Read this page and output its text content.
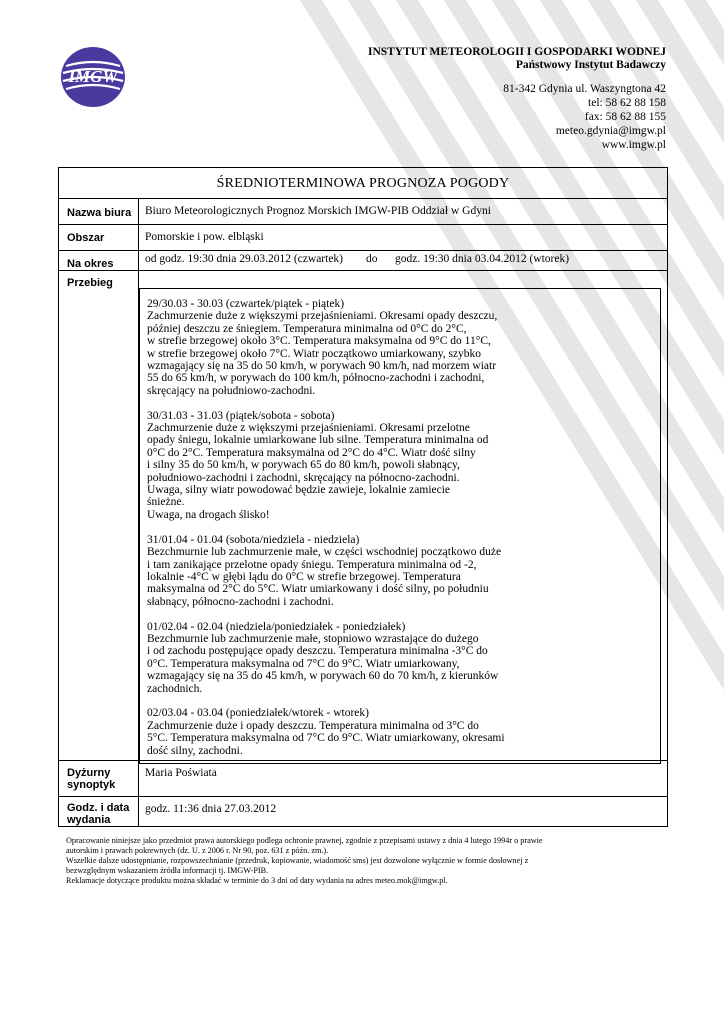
IMGW
INSTYTUT METEOROLOGII I GOSPODARKI WODNEJ
Państwowy Instytut Badawczy
81-342 Gdynia ul. Waszyngtona 42
tel: 58 62 88 158
fax: 58 62 88 155
meteo.gdynia@imgw.pl
www.imgw.pl
ŚREDNIOTERMINOWA PROGNOZA POGODY
Nazwa biura Biuro Meteorologicznych Prognoz Morskich IMGW-PIB Oddział w Gdyni
Obszar	Pomorskie i pow. elbląski
Na okres	od godz. 19:30 dnia 29.03.2012 (czwartek) do godz. 19:30 dnia 03.04.2012 (wtorek)
Przebieg
29/30.03 - 30.03 (czwartek/piątek - piątek)
Zachmurzenie duże z większymi przejaśnieniami. Okresami opady deszczu,
później deszczu ze śniegiem. Temperatura minimalna od 0°C do 2°C,
w strefie brzegowej około 3°C. Temperatura maksymalna od 9°C do 11°C,
w strefie brzegowej około 7°C. Wiatr początkowo umiarkowany, szybko
wzmagający się na 35 do 50 km/h, w porywach 90 km/h, nad morzem wiatr
55 do 65 km/h, w porywach do 100 km/h, północno-zachodni i zachodni,
skręcający na południowo-zachodni.
30/31.03 - 31.03 (piątek/sobota - sobota)
Zachmurzenie duże z większymi przejaśnieniami. Okresami przelotne
opady śniegu, lokalnie umiarkowane lub silne. Temperatura minimalna od
0°C do 2°C. Temperatura maksymalna od 2°C do 4°C. Wiatr dość silny
i silny 35 do 50 km/h, w porywach 65 do 80 km/h, powoli słabnący,
południowo-zachodni i zachodni, skręcający na północno-zachodni.
Uwaga, silny wiatr powodować będzie zawieje, lokalnie zamiecie
śnieżne.
Uwaga, na drogach ślisko!
31/01.04 - 01.04 (sobota/niedziela - niedziela)
Bezchmurnie lub zachmurzenie małe, w części wschodniej początkowo duże
i tam zanikające przelotne opady śniegu. Temperatura minimalna od -2,
lokalnie -4°C w głębi lądu do 0°C w strefie brzegowej. Temperatura
maksymalna od 2°C do 5°C. Wiatr umiarkowany i dość silny, po południu
słabnący, północno-zachodni i zachodni.
01/02.04 - 02.04 (niedziela/poniedziałek - poniedziałek)
Bezchmurnie lub zachmurzenie małe, stopniowo wzrastające do dużego
i od zachodu postępujące opady deszczu. Temperatura minimalna -3°C do
0°C. Temperatura maksymalna od 7°C do 9°C. Wiatr umiarkowany,
wzmagający się na 35 do 45 km/h, w porywach 60 do 70 km/h, z kierunków
zachodnich.
02/03.04 - 03.04 (poniedziałek/wtorek - wtorek)
Zachmurzenie duże i opady deszczu. Temperatura minimalna od 3°C do
5°C. Temperatura maksymalna od 7°C do 9°C. Wiatr umiarkowany, okresami
dość silny, zachodni.
Dyżurny synoptyk
Maria Poświata
Godz. i data wydania
godz. 11:36 dnia 27.03.2012
Opracowanie niniejsze jako przedmiot prawa autorskiego podlega ochronie prawnej, zgodnie z przepisami ustawy z dnia 4 lutego 1994r o prawie
autorskim i prawach pokrewnych (dz. U. z 2006 r. Nr 90, poz. 631 z późn. zm.).
Wszelkie dalsze udostępnianie, rozpowszechnianie (przedruk, kopiowanie, wiadomość sms) jest dozwolone wyłącznie w formie dosłownej z
bezwzględnym wskazaniem źródła informacji tj. IMGW-PIB.
Reklamacje dotyczące produktu można składać w terminie do 3 dni od daty wydania na adres meteo.mok@imgw.pl.
